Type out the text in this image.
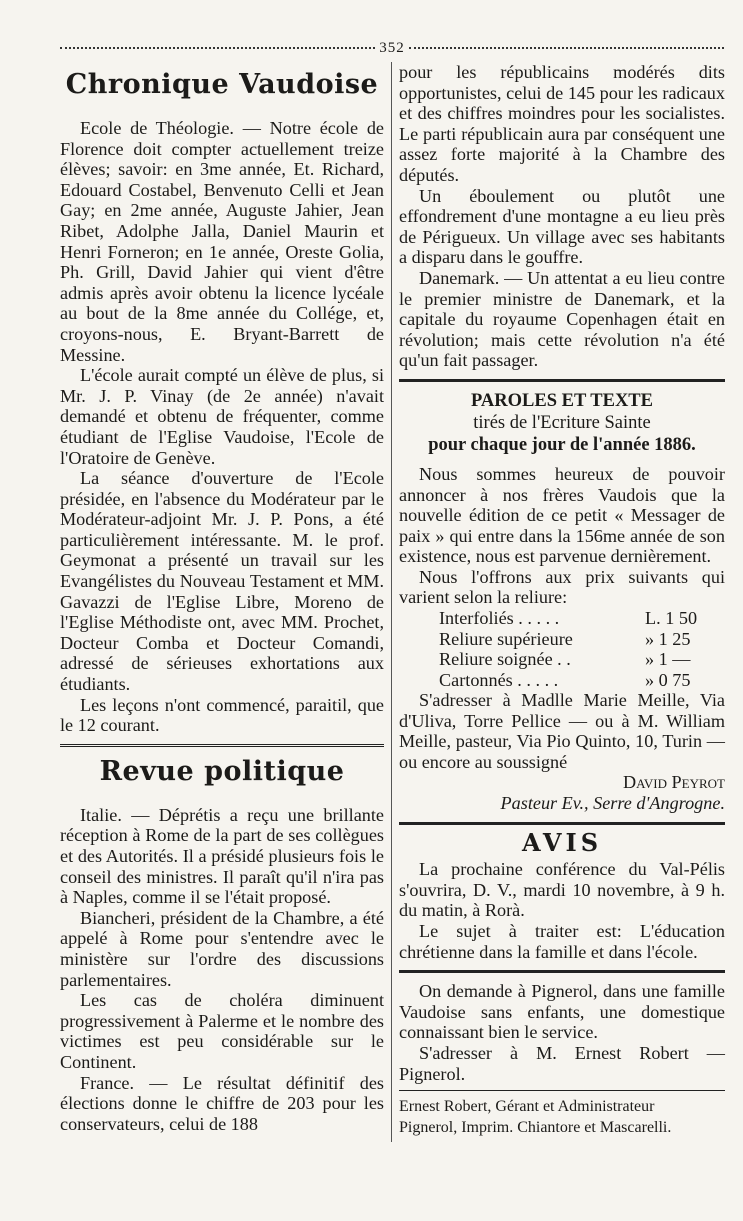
352
Chronique Vaudoise

Ecole de Théologie. — Notre école de Florence doit compter actuellement treize élèves; savoir: en 3me année, Et. Richard, Edouard Costabel, Benvenuto Celli et Jean Gay; en 2me année, Auguste Jahier, Jean Ribet, Adolphe Jalla, Daniel Maurin et Henri Forneron; en 1e année, Oreste Golia, Ph. Grill, David Jahier qui vient d'être admis après avoir obtenu la licence lycéale au bout de la 8me année du Collége, et, croyons-nous, E. Bryant-Barrett de Messine.

L'école aurait compté un élève de plus, si Mr. J. P. Vinay (de 2e année) n'avait demandé et obtenu de fréquenter, comme étudiant de l'Eglise Vaudoise, l'Ecole de l'Oratoire de Genève.

La séance d'ouverture de l'Ecole présidée, en l'absence du Modérateur par le Modérateur-adjoint Mr. J. P. Pons, a été particulièrement intéressante. M. le prof. Geymonat a présenté un travail sur les Evangélistes du Nouveau Testament et MM. Gavazzi de l'Eglise Libre, Moreno de l'Eglise Méthodiste ont, avec MM. Prochet, Docteur Comba et Docteur Comandi, adressé de sérieuses exhortations aux étudiants.

Les leçons n'ont commencé, paraitil, que le 12 courant.

Revue politique

Italie. — Déprétis a reçu une brillante réception à Rome de la part de ses collègues et des Autorités. Il a présidé plusieurs fois le conseil des ministres. Il paraît qu'il n'ira pas à Naples, comme il se l'était proposé.

Biancheri, président de la Chambre, a été appelé à Rome pour s'entendre avec le ministère sur l'ordre des discussions parlementaires.

Les cas de choléra diminuent progressivement à Palerme et le nombre des victimes est peu considérable sur le Continent.

France. — Le résultat définitif des élections donne le chiffre de 203 pour les conservateurs, celui de 188

pour les républicains modérés dits opportunistes, celui de 145 pour les radicaux et des chiffres moindres pour les socialistes. Le parti républicain aura par conséquent une assez forte majorité à la Chambre des députés.

Un éboulement ou plutôt une effondrement d'une montagne a eu lieu près de Périgueux. Un village avec ses habitants a disparu dans le gouffre.

Danemark. — Un attentat a eu lieu contre le premier ministre de Danemark, et la capitale du royaume Copenhagen était en révolution; mais cette révolution n'a été qu'un fait passager.

PAROLES ET TEXTE

tirés de l'Ecriture Sainte

pour chaque jour de l'année 1886.

Nous sommes heureux de pouvoir annoncer à nos frères Vaudois que la nouvelle édition de ce petit « Messager de paix » qui entre dans la 156me année de son existence, nous est parvenue dernièrement.

Nous l'offrons aux prix suivants qui varient selon la reliure:

Interfoliés . . . . .	L. 1 50
Reliure supérieure	» 1 25
Reliure soignée . .	» 1 —
Cartonnés . . . . .	» 0 75

S'adresser à Madlle Marie Meille, Via d'Uliva, Torre Pellice — ou à M. William Meille, pasteur, Via Pio Quinto, 10, Turin — ou encore au soussigné

David Peyrot

Pasteur Ev., Serre d'Angrogne.

AVIS

La prochaine conférence du Val-Pélis s'ouvrira, D. V., mardi 10 novembre, à 9 h. du matin, à Rorà.

Le sujet à traiter est: L'éducation chrétienne dans la famille et dans l'école.

On demande à Pignerol, dans une famille Vaudoise sans enfants, une domestique connaissant bien le service.

S'adresser à M. Ernest Robert — Pignerol.

Ernest Robert, Gérant et Administrateur

Pignerol, Imprim. Chiantore et Mascarelli.
